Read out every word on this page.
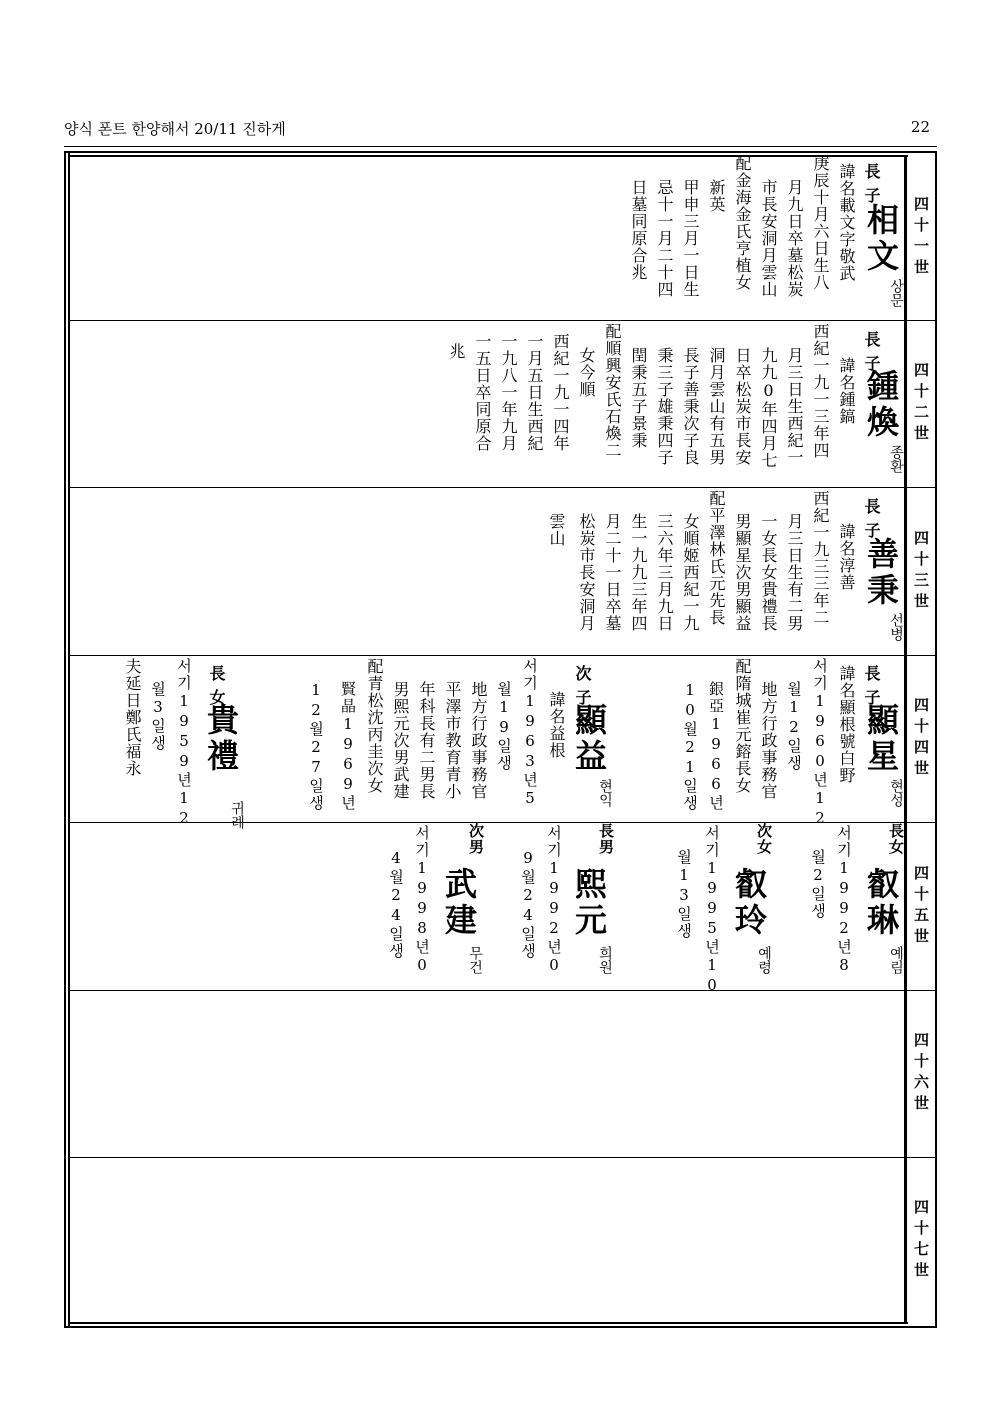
양식 폰트 한양해서 20/11 진하게	22
四十一世
四十二世
四十三世
四十四世
四十五世
四十六世
四十七世
長子
相文
상문
諱名載文字敬武
庚辰十月六日生八
月九日卒墓松炭
市長安洞月雲山
配金海金氏亨植女
新英
甲申三月一日生
忌十一月二十四
日墓同原合兆
長子
鍾煥
종환
諱名鍾鎬
西紀一九一三年四
月三日生西紀一
九九0年四月七
日卒松炭市長安
洞月雲山有五男
長子善秉次子良
秉三子雄秉四子
閏秉五子景秉
配順興安氏石煥二
女今順
西紀一九一四年
一月五日生西紀
一九八一年九月
一五日卒同原合
兆
長子
善秉
선병
諱名淳善
西紀一九三三年二
月三日生有二男
一女長女貴禮長
男顯星次男顯益
配平澤林氏元先長
女順姬西紀一九
三六年三月九日
生一九九三年四
月二十一日卒墓
松炭市長安洞月
雲山
長子
顯星
현성
諱名顯根號白野
서기1960년12
월12일생
地方行政事務官
配隋城崔元鎔長女
銀亞1966년
10월21일생
次子
顯益
현익
諱名益根
서기1963년5
월19일생
地方行政事務官
平澤市教育青小
年科長有二男長
男熙元次男武建
配青松沈丙圭次女
賢晶1969년
12월27일생
長女
貴禮
귀례
서기1959년12
월3일생
夫延日鄭氏福永
長女
叡琳
예림
서기1992년8
월2일생
次女
叡玲
예령
서기1995년10
월13일생
長男
熙元
희원
서기1992년0
9월24일생
次男
武建
무건
서기1998년0
4월24일생
